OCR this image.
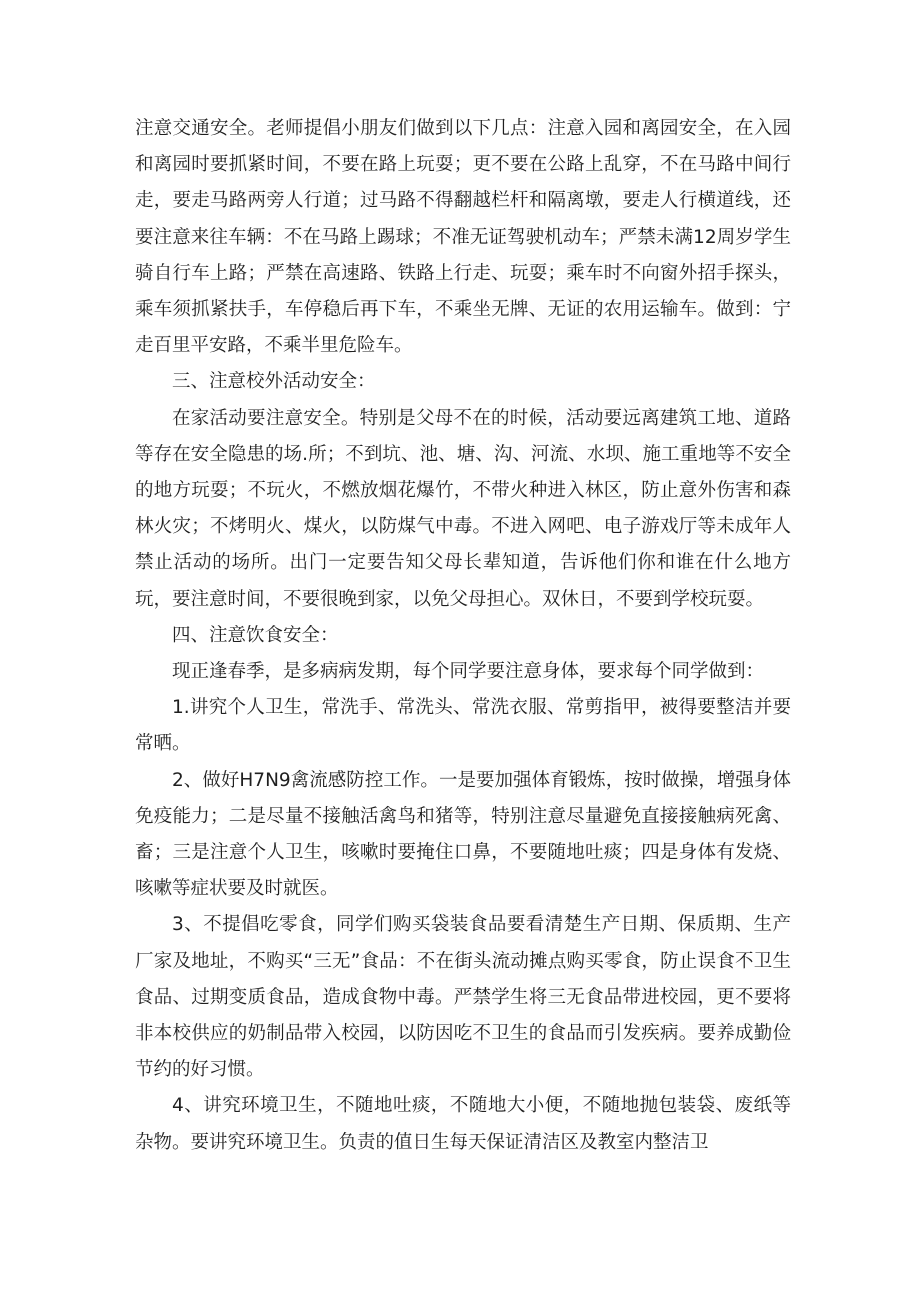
注意交通安全。老师提倡小朋友们做到以下几点：注意入园和离园安全，在入园和离园时要抓紧时间，不要在路上玩耍；更不要在公路上乱穿，不在马路中间行走，要走马路两旁人行道；过马路不得翻越栏杆和隔离墩，要走人行横道线，还要注意来往车辆：不在马路上踢球；不准无证驾驶机动车；严禁未满12周岁学生骑自行车上路；严禁在高速路、铁路上行走、玩耍；乘车时不向窗外招手探头，乘车须抓紧扶手，车停稳后再下车，不乘坐无牌、无证的农用运输车。做到：宁走百里平安路，不乘半里危险车。

三、注意校外活动安全：

在家活动要注意安全。特别是父母不在的时候，活动要远离建筑工地、道路等存在安全隐患的场.所；不到坑、池、塘、沟、河流、水坝、施工重地等不安全的地方玩耍；不玩火，不燃放烟花爆竹，不带火种进入林区，防止意外伤害和森林火灾；不烤明火、煤火，以防煤气中毒。不进入网吧、电子游戏厅等未成年人禁止活动的场所。出门一定要告知父母长辈知道，告诉他们你和谁在什么地方玩，要注意时间，不要很晚到家，以免父母担心。双休日，不要到学校玩耍。

四、注意饮食安全：

现正逢春季，是多病病发期，每个同学要注意身体，要求每个同学做到：

1.讲究个人卫生，常洗手、常洗头、常洗衣服、常剪指甲，被得要整洁并要常晒。

2、做好H7N9禽流感防控工作。一是要加强体育锻炼，按时做操，增强身体免疫能力；二是尽量不接触活禽鸟和猪等，特别注意尽量避免直接接触病死禽、畜；三是注意个人卫生，咳嗽时要掩住口鼻，不要随地吐痰；四是身体有发烧、咳嗽等症状要及时就医。

3、不提倡吃零食，同学们购买袋装食品要看清楚生产日期、保质期、生产厂家及地址，不购买“三无”食品：不在街头流动摊点购买零食，防止误食不卫生食品、过期变质食品，造成食物中毒。严禁学生将三无食品带进校园，更不要将非本校供应的奶制品带入校园，以防因吃不卫生的食品而引发疾病。要养成勤俭节约的好习惯。

4、讲究环境卫生，不随地吐痰，不随地大小便，不随地抛包装袋、废纸等杂物。要讲究环境卫生。负责的值日生每天保证清洁区及教室内整洁卫
